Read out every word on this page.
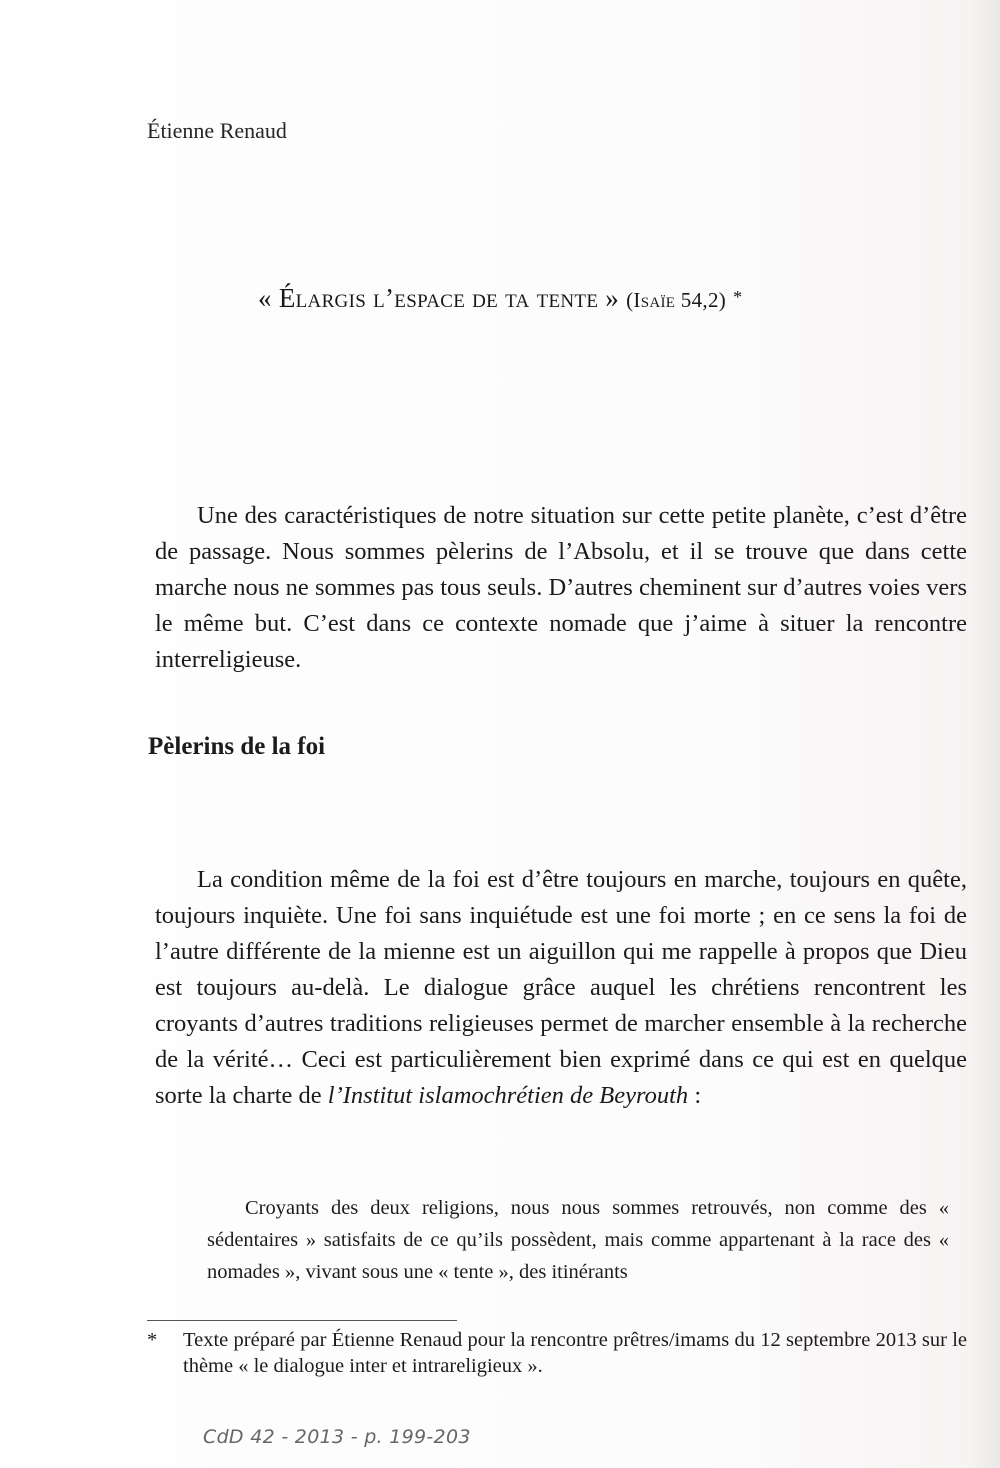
Étienne Renaud
« Élargis l’espace de ta tente » (Isaïe 54,2) *

Une des caractéristiques de notre situation sur cette petite planète, c’est d’être de passage. Nous sommes pèlerins de l’Absolu, et il se trouve que dans cette marche nous ne sommes pas tous seuls. D’autres cheminent sur d’autres voies vers le même but. C’est dans ce contexte nomade que j’aime à situer la rencontre interreligieuse.

Pèlerins de la foi

La condition même de la foi est d’être toujours en marche, toujours en quête, toujours inquiète. Une foi sans inquiétude est une foi morte ; en ce sens la foi de l’autre différente de la mienne est un aiguillon qui me rappelle à propos que Dieu est toujours au-delà. Le dialogue grâce auquel les chrétiens rencontrent les croyants d’autres traditions religieuses permet de marcher ensemble à la recherche de la vérité… Ceci est particulièrement bien exprimé dans ce qui est en quelque sorte la charte de l’Institut islamochrétien de Beyrouth :

Croyants des deux religions, nous nous sommes retrouvés, non comme des « sédentaires » satisfaits de ce qu’ils possèdent, mais comme appartenant à la race des « nomades », vivant sous une « tente », des itinérants

*	Texte préparé par Étienne Renaud pour la rencontre prêtres/imams du 12 septembre 2013 sur le thème « le dialogue inter et intrareligieux ».
CdD 42 - 2013 - p. 199-203
